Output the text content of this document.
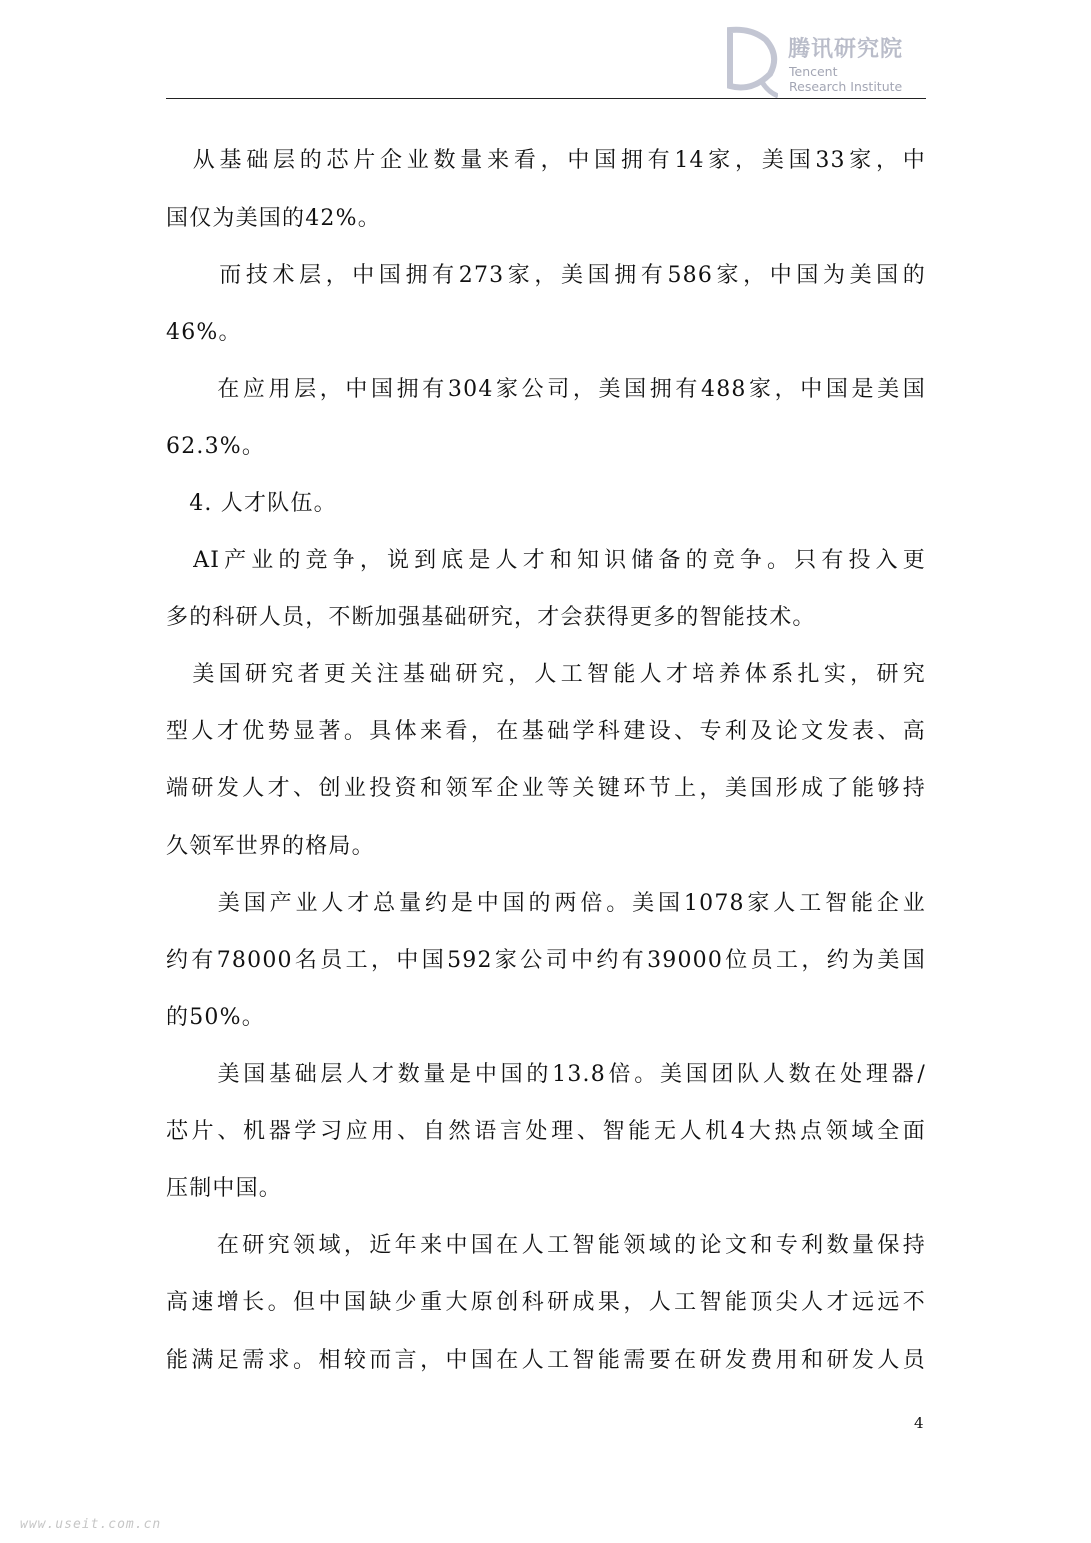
腾讯研究院
Tencent
Research Institute
　从基础层的芯片企业数量来看，中国拥有14家，美国33家，中
国仅为美国的42%。
　　而技术层，中国拥有273家，美国拥有586家，中国为美国的
46%。
　　在应用层，中国拥有304家公司，美国拥有488家，中国是美国
62.3%。
　4. 人才队伍。
　AI产业的竞争，说到底是人才和知识储备的竞争。只有投入更
多的科研人员，不断加强基础研究，才会获得更多的智能技术。
　美国研究者更关注基础研究，人工智能人才培养体系扎实，研究
型人才优势显著。具体来看，在基础学科建设、专利及论文发表、高
端研发人才、创业投资和领军企业等关键环节上，美国形成了能够持
久领军世界的格局。
　　美国产业人才总量约是中国的两倍。美国1078家人工智能企业
约有78000名员工，中国592家公司中约有39000位员工，约为美国
的50%。
　　美国基础层人才数量是中国的13.8倍。美国团队人数在处理器/
芯片、机器学习应用、自然语言处理、智能无人机4大热点领域全面
压制中国。
　　在研究领域，近年来中国在人工智能领域的论文和专利数量保持
高速增长。但中国缺少重大原创科研成果，人工智能顶尖人才远远不
能满足需求。相较而言，中国在人工智能需要在研发费用和研发人员
4
www.useit.com.cn
